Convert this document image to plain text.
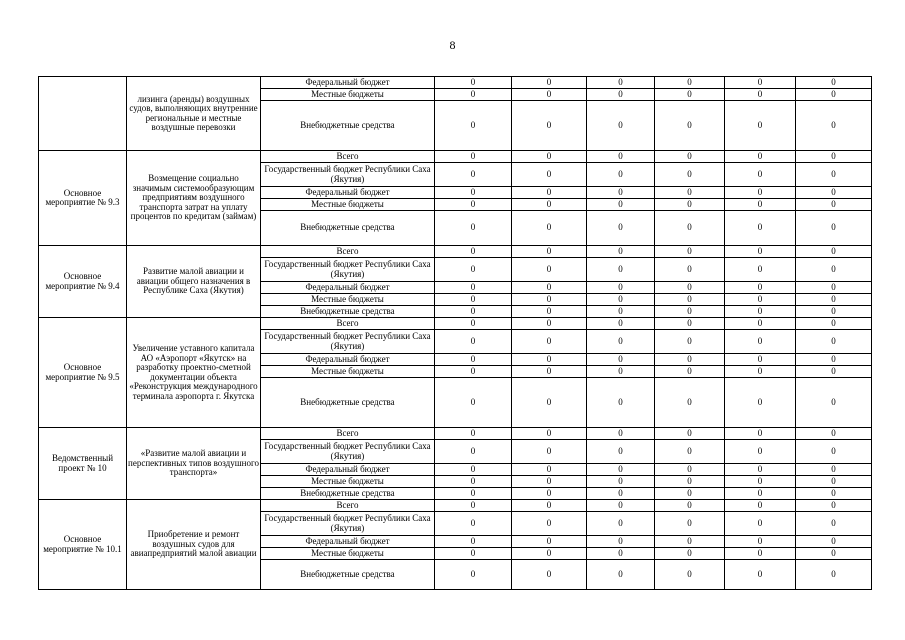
8
	лизинга (аренды) воздушных судов, выполняющих внутренние региональные и местные воздушные перевозки	Федеральный бюджет	0	0	0	0	0	0
		Местные бюджеты	0	0	0	0	0	0
		Внебюджетные средства	0	0	0	0	0	0
Основное мероприятие № 9.3	Возмещение социально значимым системообразующим предприятиям воздушного транспорта затрат на уплату процентов по кредитам (займам)	Всего	0	0	0	0	0	0
		Государственный бюджет Республики Саха (Якутия)	0	0	0	0	0	0
		Федеральный бюджет	0	0	0	0	0	0
		Местные бюджеты	0	0	0	0	0	0
		Внебюджетные средства	0	0	0	0	0	0
Основное мероприятие № 9.4	Развитие малой авиации и авиации общего назначения в Республике Саха (Якутия)	Всего	0	0	0	0	0	0
		Государственный бюджет Республики Саха (Якутия)	0	0	0	0	0	0
		Федеральный бюджет	0	0	0	0	0	0
		Местные бюджеты	0	0	0	0	0	0
		Внебюджетные средства	0	0	0	0	0	0
Основное мероприятие № 9.5	Увеличение уставного капитала АО «Аэропорт «Якутск» на разработку проектно-сметной документации объекта «Реконструкция международного терминала аэропорта г. Якутска	Всего	0	0	0	0	0	0
		Государственный бюджет Республики Саха (Якутия)	0	0	0	0	0	0
		Федеральный бюджет	0	0	0	0	0	0
		Местные бюджеты	0	0	0	0	0	0
		Внебюджетные средства	0	0	0	0	0	0
Ведомственный проект № 10	«Развитие малой авиации и перспективных типов воздушного транспорта»	Всего	0	0	0	0	0	0
		Государственный бюджет Республики Саха (Якутия)	0	0	0	0	0	0
		Федеральный бюджет	0	0	0	0	0	0
		Местные бюджеты	0	0	0	0	0	0
		Внебюджетные средства	0	0	0	0	0	0
Основное мероприятие № 10.1	Приобретение и ремонт воздушных судов для авиапредприятий малой авиации	Всего	0	0	0	0	0	0
		Государственный бюджет Республики Саха (Якутия)	0	0	0	0	0	0
		Федеральный бюджет	0	0	0	0	0	0
		Местные бюджеты	0	0	0	0	0	0
		Внебюджетные средства	0	0	0	0	0	0
